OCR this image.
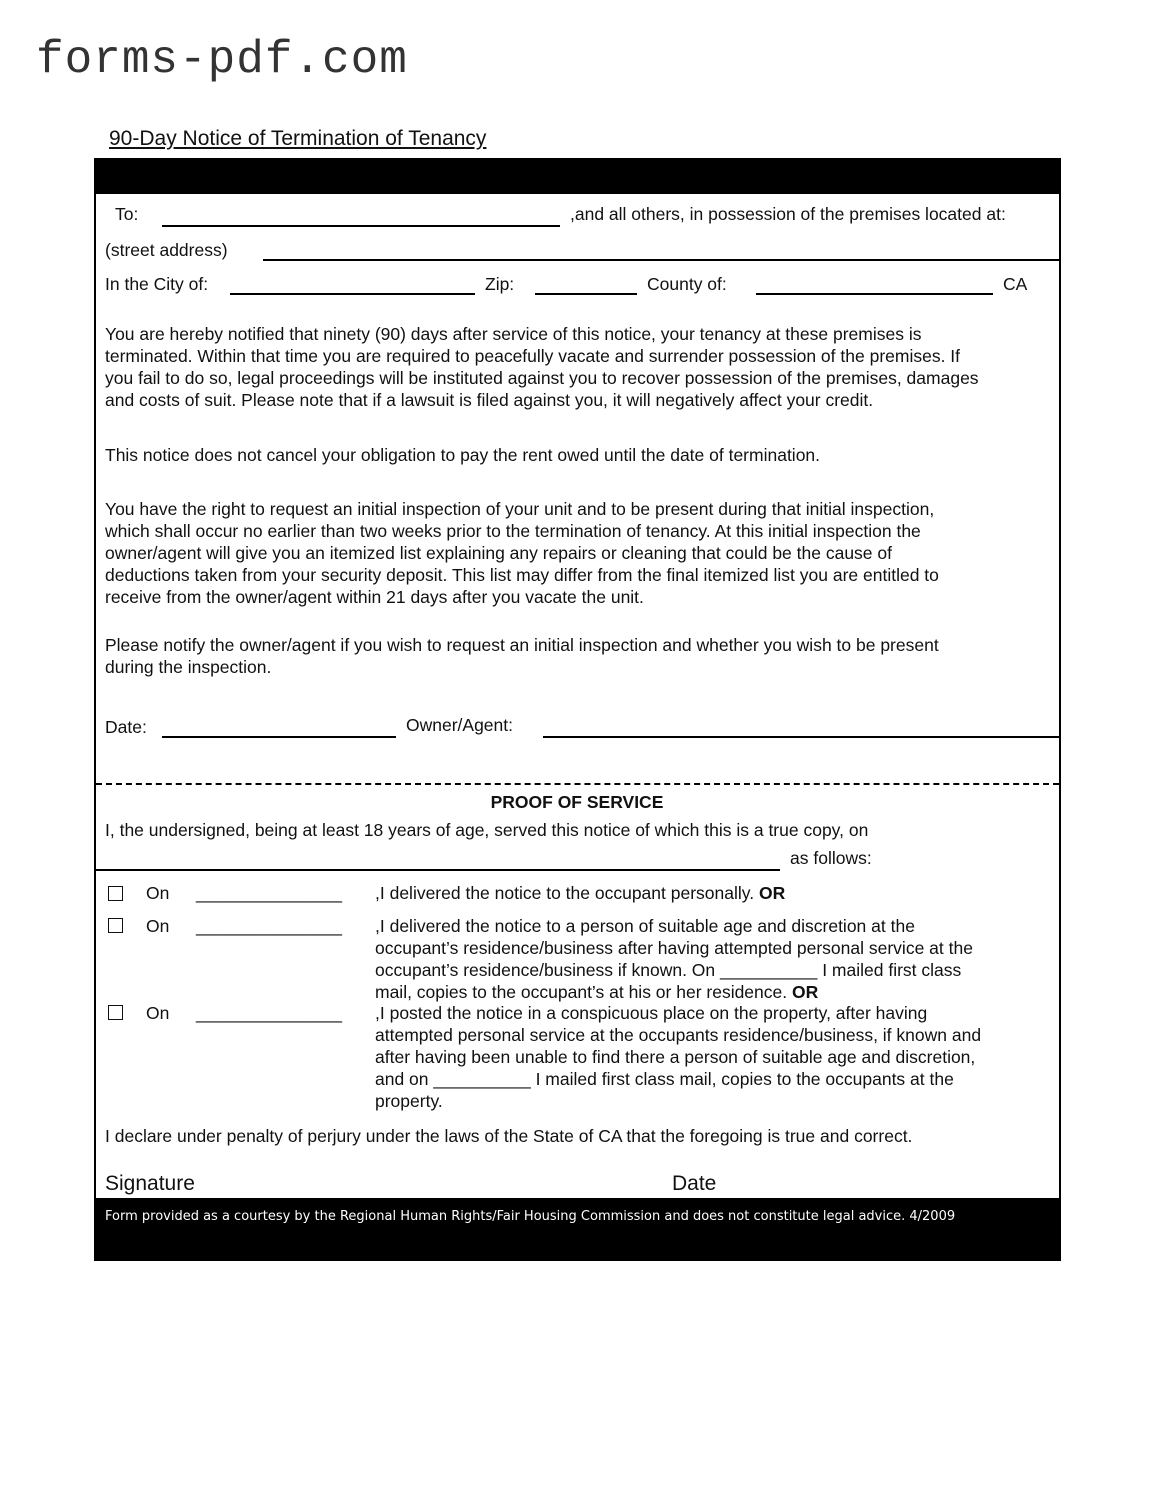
forms-pdf.com
90-Day Notice of Termination of Tenancy
To:	,and all others, in possession of the premises located at:
(street address)
In the City of:	Zip:	County of:	CA
You are hereby notified that ninety (90) days after service of this notice, your tenancy at these premises is
terminated. Within that time you are required to peacefully vacate and surrender possession of the premises. If
you fail to do so, legal proceedings will be instituted against you to recover possession of the premises, damages
and costs of suit. Please note that if a lawsuit is filed against you, it will negatively affect your credit.
This notice does not cancel your obligation to pay the rent owed until the date of termination.
You have the right to request an initial inspection of your unit and to be present during that initial inspection,
which shall occur no earlier than two weeks prior to the termination of tenancy. At this initial inspection the
owner/agent will give you an itemized list explaining any repairs or cleaning that could be the cause of
deductions taken from your security deposit. This list may differ from the final itemized list you are entitled to
receive from the owner/agent within 21 days after you vacate the unit.
Please notify the owner/agent if you wish to request an initial inspection and whether you wish to be present
during the inspection.
Date:	Owner/Agent:
PROOF OF SERVICE
I, the undersigned, being at least 18 years of age, served this notice of which this is a true copy, on
as follows:
On _______________ ,I delivered the notice to the occupant personally. OR
On _______________ ,I delivered the notice to a person of suitable age and discretion at the
occupant’s residence/business after having attempted personal service at the
occupant’s residence/business if known. On __________ I mailed first class
mail, copies to the occupant’s at his or her residence. OR
On _______________ ,I posted the notice in a conspicuous place on the property, after having
attempted personal service at the occupants residence/business, if known and
after having been unable to find there a person of suitable age and discretion,
and on __________ I mailed first class mail, copies to the occupants at the
property.
I declare under penalty of perjury under the laws of the State of CA that the foregoing is true and correct.
Signature	Date
Form provided as a courtesy by the Regional Human Rights/Fair Housing Commission and does not constitute legal advice. 4/2009
